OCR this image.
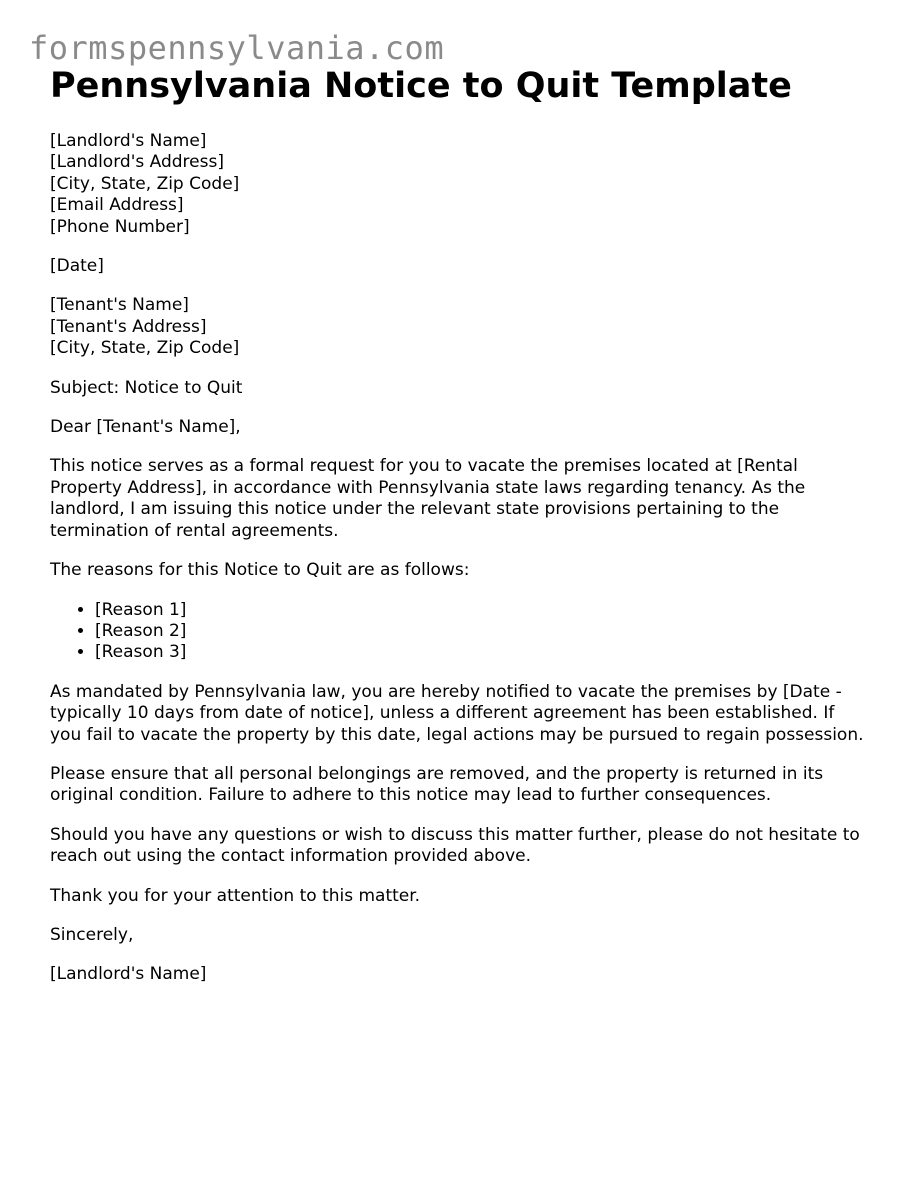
formspennsylvania.com
Pennsylvania Notice to Quit Template
[Landlord's Name]
[Landlord's Address]
[City, State, Zip Code]
[Email Address]
[Phone Number]

[Date]

[Tenant's Name]
[Tenant's Address]
[City, State, Zip Code]

Subject: Notice to Quit

Dear [Tenant's Name],

This notice serves as a formal request for you to vacate the premises located at [Rental Property Address], in accordance with Pennsylvania state laws regarding tenancy. As the landlord, I am issuing this notice under the relevant state provisions pertaining to the termination of rental agreements.

The reasons for this Notice to Quit are as follows:

• [Reason 1]
• [Reason 2]
• [Reason 3]

As mandated by Pennsylvania law, you are hereby notified to vacate the premises by [Date - typically 10 days from date of notice], unless a different agreement has been established. If you fail to vacate the property by this date, legal actions may be pursued to regain possession.

Please ensure that all personal belongings are removed, and the property is returned in its original condition. Failure to adhere to this notice may lead to further consequences.

Should you have any questions or wish to discuss this matter further, please do not hesitate to reach out using the contact information provided above.

Thank you for your attention to this matter.

Sincerely,

[Landlord's Name]
